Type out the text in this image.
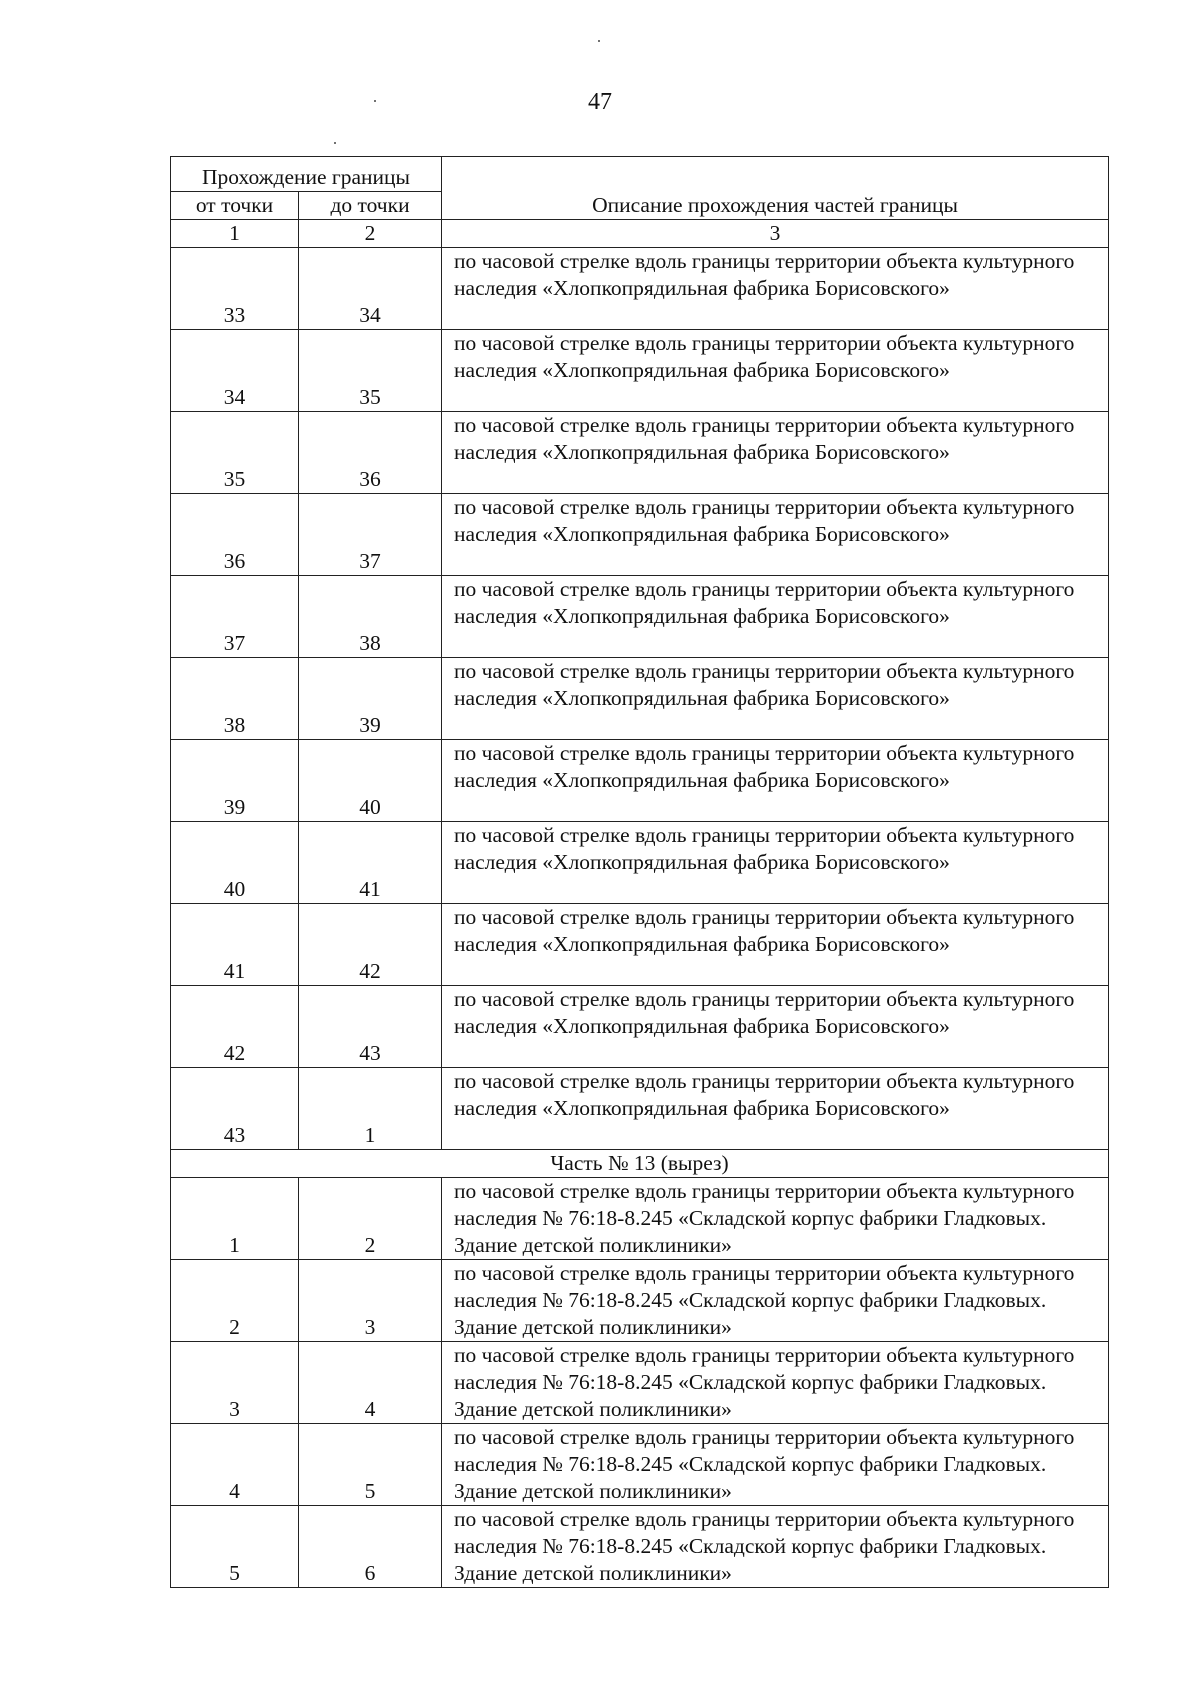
47
Прохождение границы		Описание прохождения частей границы
от точки	до точки	
1	2	3
33	34	по часовой стрелке вдоль границы территории объекта культурного наследия «Хлопкопрядильная фабрика Борисовского»
34	35	по часовой стрелке вдоль границы территории объекта культурного наследия «Хлопкопрядильная фабрика Борисовского»
35	36	по часовой стрелке вдоль границы территории объекта культурного наследия «Хлопкопрядильная фабрика Борисовского»
36	37	по часовой стрелке вдоль границы территории объекта культурного наследия «Хлопкопрядильная фабрика Борисовского»
37	38	по часовой стрелке вдоль границы территории объекта культурного наследия «Хлопкопрядильная фабрика Борисовского»
38	39	по часовой стрелке вдоль границы территории объекта культурного наследия «Хлопкопрядильная фабрика Борисовского»
39	40	по часовой стрелке вдоль границы территории объекта культурного наследия «Хлопкопрядильная фабрика Борисовского»
40	41	по часовой стрелке вдоль границы территории объекта культурного наследия «Хлопкопрядильная фабрика Борисовского»
41	42	по часовой стрелке вдоль границы территории объекта культурного наследия «Хлопкопрядильная фабрика Борисовского»
42	43	по часовой стрелке вдоль границы территории объекта культурного наследия «Хлопкопрядильная фабрика Борисовского»
43	1	по часовой стрелке вдоль границы территории объекта культурного наследия «Хлопкопрядильная фабрика Борисовского»
Часть № 13 (вырез)		
1	2	по часовой стрелке вдоль границы территории объекта культурного наследия № 76:18-8.245 «Складской корпус фабрики Гладковых. Здание детской поликлиники»
2	3	по часовой стрелке вдоль границы территории объекта культурного наследия № 76:18-8.245 «Складской корпус фабрики Гладковых. Здание детской поликлиники»
3	4	по часовой стрелке вдоль границы территории объекта культурного наследия № 76:18-8.245 «Складской корпус фабрики Гладковых. Здание детской поликлиники»
4	5	по часовой стрелке вдоль границы территории объекта культурного наследия № 76:18-8.245 «Складской корпус фабрики Гладковых. Здание детской поликлиники»
5	6	по часовой стрелке вдоль границы территории объекта культурного наследия № 76:18-8.245 «Складской корпус фабрики Гладковых. Здание детской поликлиники»
